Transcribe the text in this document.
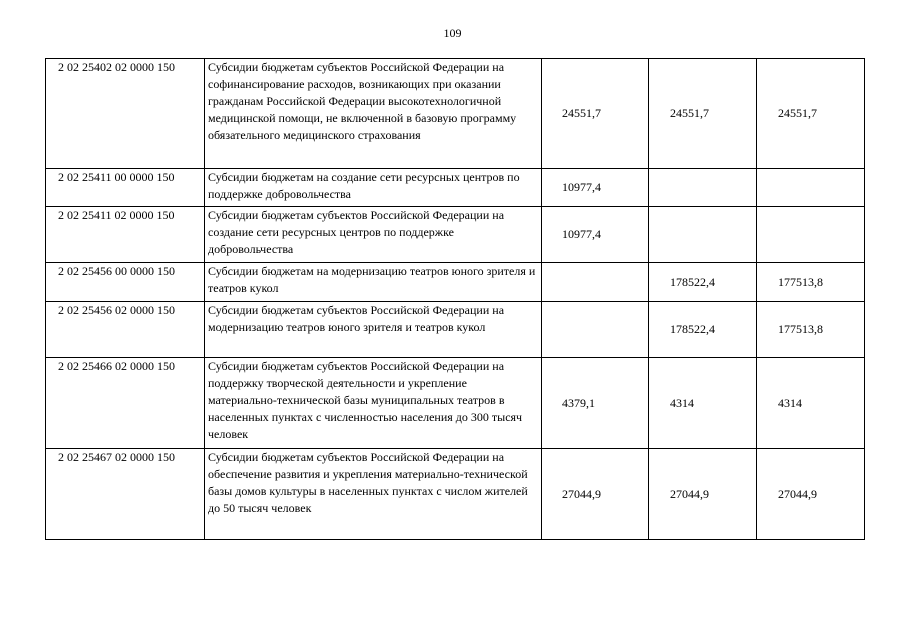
109
2 02 25402 02 0000 150	Субсидии бюджетам субъектов Российской Федерации на софинансирование расходов, возникающих при оказании гражданам Российской Федерации высокотехнологичной медицинской помощи, не включенной в базовую программу обязательного медицинского страхования	24551,7	24551,7	24551,7
2 02 25411 00 0000 150	Субсидии бюджетам на создание сети ресурсных центров по поддержке добровольчества	10977,4		
2 02 25411 02 0000 150	Субсидии бюджетам субъектов Российской Федерации на создание сети ресурсных центров по поддержке добровольчества	10977,4		
2 02 25456 00 0000 150	Субсидии бюджетам на модернизацию театров юного зрителя и театров кукол		178522,4	177513,8
2 02 25456 02 0000 150	Субсидии бюджетам субъектов Российской Федерации на модернизацию театров юного зрителя и театров кукол		178522,4	177513,8
2 02 25466 02 0000 150	Субсидии бюджетам субъектов Российской Федерации на поддержку творческой деятельности и укрепление материально-технической базы муниципальных театров в населенных пунктах с численностью населения до 300 тысяч человек	4379,1	4314	4314
2 02 25467 02 0000 150	Субсидии бюджетам субъектов Российской Федерации на обеспечение развития и укрепления материально-технической базы домов культуры в населенных пунктах с числом жителей до 50 тысяч человек	27044,9	27044,9	27044,9
